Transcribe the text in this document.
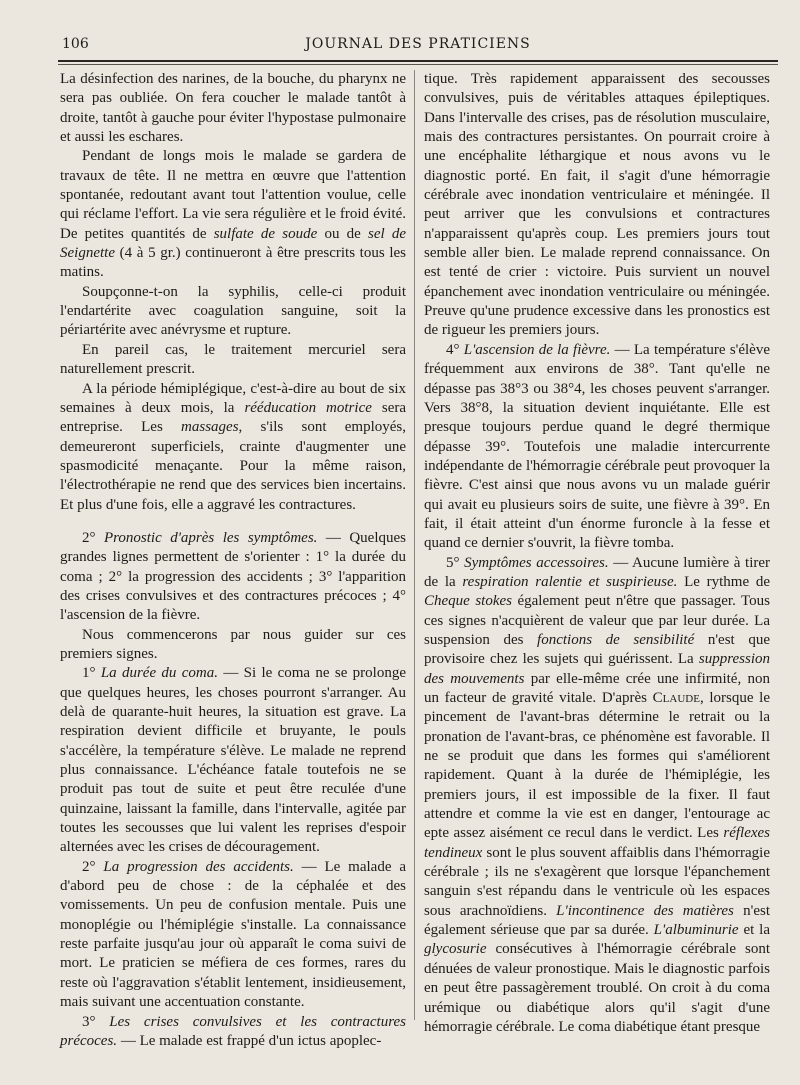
106	JOURNAL DES PRATICIENS

La désinfection des narines, de la bouche, du pharynx ne sera pas oubliée. On fera coucher le malade tantôt à droite, tantôt à gauche pour éviter l'hypostase pulmonaire et aussi les eschares.

Pendant de longs mois le malade se gardera de travaux de tête. Il ne mettra en œuvre que l'attention spontanée, redoutant avant tout l'attention voulue, celle qui réclame l'effort. La vie sera régulière et le froid évité. De petites quantités de sulfate de soude ou de sel de Seignette (4 à 5 gr.) continueront à être prescrits tous les matins.

Soupçonne-t-on la syphilis, celle-ci produit l'endartérite avec coagulation sanguine, soit la périartérite avec anévrysme et rupture.

En pareil cas, le traitement mercuriel sera naturellement prescrit.

A la période hémiplégique, c'est-à-dire au bout de six semaines à deux mois, la rééducation motrice sera entreprise. Les massages, s'ils sont employés, demeureront superficiels, crainte d'augmenter une spasmodicité menaçante. Pour la même raison, l'électrothérapie ne rend que des services bien incertains. Et plus d'une fois, elle a aggravé les contractures.

2° Pronostic d'après les symptômes. — Quelques grandes lignes permettent de s'orienter : 1° la durée du coma ; 2° la progression des accidents ; 3° l'apparition des crises convulsives et des contractures précoces ; 4° l'ascension de la fièvre.

Nous commencerons par nous guider sur ces premiers signes.

1° La durée du coma. — Si le coma ne se prolonge que quelques heures, les choses pourront s'arranger. Au delà de quarante-huit heures, la situation est grave. La respiration devient difficile et bruyante, le pouls s'accélère, la température s'élève. Le malade ne reprend plus connaissance. L'échéance fatale toutefois ne se produit pas tout de suite et peut être reculée d'une quinzaine, laissant la famille, dans l'intervalle, agitée par toutes les secousses que lui valent les reprises d'espoir alternées avec les crises de découragement.

2° La progression des accidents. — Le malade a d'abord peu de chose : de la céphalée et des vomissements. Un peu de confusion mentale. Puis une monoplégie ou l'hémiplégie s'installe. La connaissance reste parfaite jusqu'au jour où apparaît le coma suivi de mort. Le praticien se méfiera de ces formes, rares du reste où l'aggravation s'établit lentement, insidieusement, mais suivant une accentuation constante.

3° Les crises convulsives et les contractures précoces. — Le malade est frappé d'un ictus apoplec-

tique. Très rapidement apparaissent des secousses convulsives, puis de véritables attaques épileptiques. Dans l'intervalle des crises, pas de résolution musculaire, mais des contractures persistantes. On pourrait croire à une encéphalite léthargique et nous avons vu le diagnostic porté. En fait, il s'agit d'une hémorragie cérébrale avec inondation ventriculaire et méningée. Il peut arriver que les convulsions et contractures n'apparaissent qu'après coup. Les premiers jours tout semble aller bien. Le malade reprend connaissance. On est tenté de crier : victoire. Puis survient un nouvel épanchement avec inondation ventriculaire ou méningée. Preuve qu'une prudence excessive dans les pronostics est de rigueur les premiers jours.

4° L'ascension de la fièvre. — La température s'élève fréquemment aux environs de 38°. Tant qu'elle ne dépasse pas 38°3 ou 38°4, les choses peuvent s'arranger. Vers 38°8, la situation devient inquiétante. Elle est presque toujours perdue quand le degré thermique dépasse 39°. Toutefois une maladie intercurrente indépendante de l'hémorragie cérébrale peut provoquer la fièvre. C'est ainsi que nous avons vu un malade guérir qui avait eu plusieurs soirs de suite, une fièvre à 39°. En fait, il était atteint d'un énorme furoncle à la fesse et quand ce dernier s'ouvrit, la fièvre tomba.

5° Symptômes accessoires. — Aucune lumière à tirer de la respiration ralentie et suspirieuse. Le rythme de Cheque stokes également peut n'être que passager. Tous ces signes n'acquièrent de valeur que par leur durée. La suspension des fonctions de sensibilité n'est que provisoire chez les sujets qui guérissent. La suppression des mouvements par elle-même crée une infirmité, non un facteur de gravité vitale. D'après Claude, lorsque le pincement de l'avant-bras détermine le retrait ou la pronation de l'avant-bras, ce phénomène est favorable. Il ne se produit que dans les formes qui s'améliorent rapidement. Quant à la durée de l'hémiplégie, les premiers jours, il est impossible de la fixer. Il faut attendre et comme la vie est en danger, l'entourage ac epte assez aisément ce recul dans le verdict. Les réflexes tendineux sont le plus souvent affaiblis dans l'hémorragie cérébrale ; ils ne s'exagèrent que lorsque l'épanchement sanguin s'est répandu dans le ventricule où les espaces sous arachnoïdiens. L'incontinence des matières n'est également sérieuse que par sa durée. L'albuminurie et la glycosurie consécutives à l'hémorragie cérébrale sont dénuées de valeur pronostique. Mais le diagnostic parfois en peut être passagèrement troublé. On croit à du coma urémique ou diabétique alors qu'il s'agit d'une hémorragie cérébrale. Le coma diabétique étant presque
